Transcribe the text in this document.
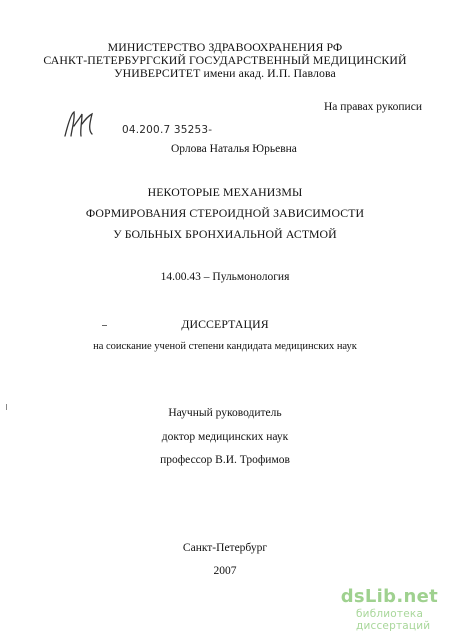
МИНИСТЕРСТВО ЗДРАВООХРАНЕНИЯ РФ
САНКТ-ПЕТЕРБУРГСКИЙ ГОСУДАРСТВЕННЫЙ МЕДИЦИНСКИЙ
УНИВЕРСИТЕТ имени акад. И.П. Павлова
На правах рукописи
04.200.7 35253-
Орлова Наталья Юрьевна
НЕКОТОРЫЕ МЕХАНИЗМЫ
ФОРМИРОВАНИЯ СТЕРОИДНОЙ ЗАВИСИМОСТИ
У БОЛЬНЫХ БРОНХИАЛЬНОЙ АСТМОЙ
14.00.43 – Пульмонология
ДИССЕРТАЦИЯ
на соискание ученой степени кандидата медицинских наук
Научный руководитель
доктор медицинских наук
профессор В.И. Трофимов
Санкт-Петербург
2007
dsLib.net
библиотека диссертаций
